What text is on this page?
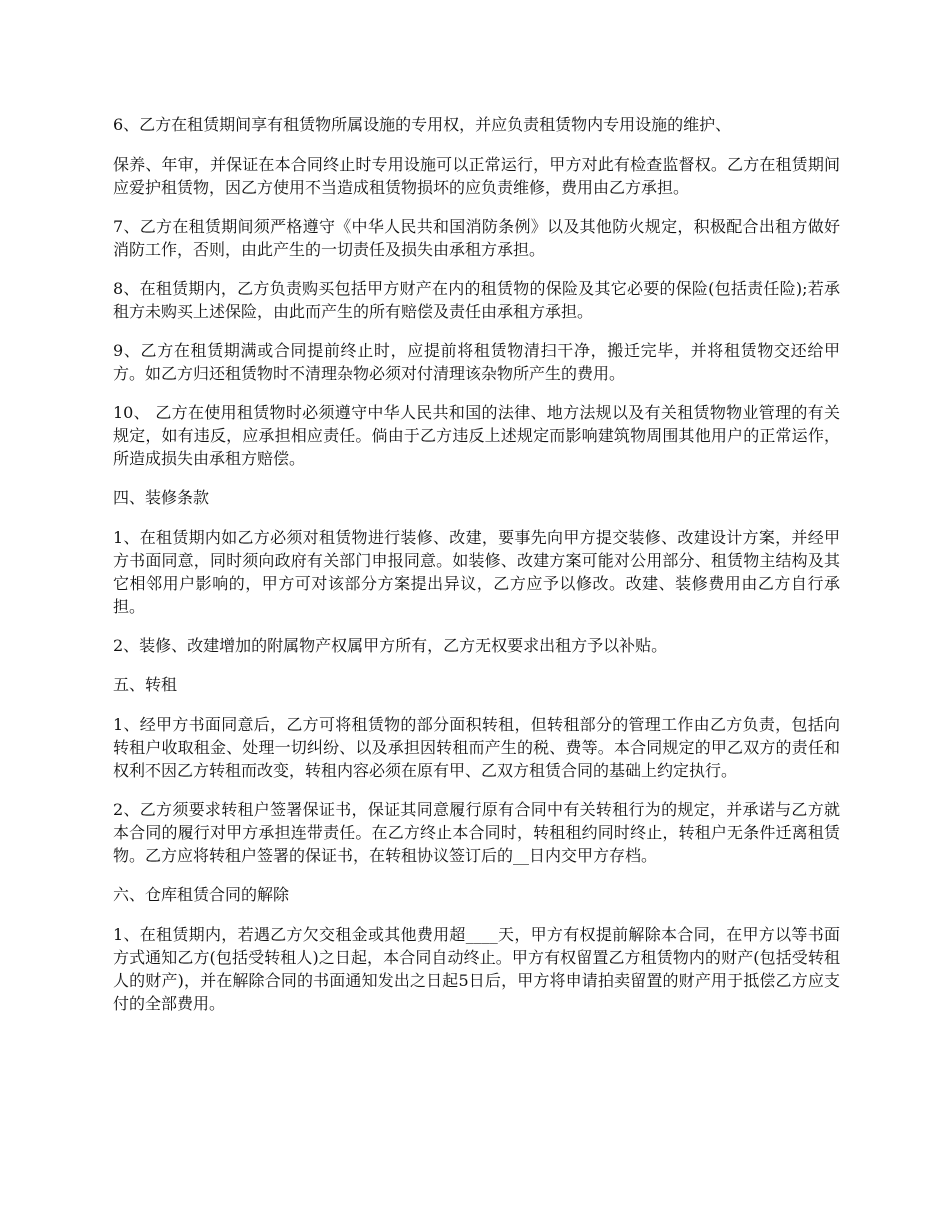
6、乙方在租赁期间享有租赁物所属设施的专用权，并应负责租赁物内专用设施的维护、

保养、年审，并保证在本合同终止时专用设施可以正常运行，甲方对此有检查监督权。乙方在租赁期间应爱护租赁物，因乙方使用不当造成租赁物损坏的应负责维修，费用由乙方承担。

7、乙方在租赁期间须严格遵守《中华人民共和国消防条例》以及其他防火规定，积极配合出租方做好消防工作，否则，由此产生的一切责任及损失由承租方承担。

8、在租赁期内，乙方负责购买包括甲方财产在内的租赁物的保险及其它必要的保险(包括责任险);若承租方未购买上述保险，由此而产生的所有赔偿及责任由承租方承担。

9、乙方在租赁期满或合同提前终止时，应提前将租赁物清扫干净，搬迁完毕，并将租赁物交还给甲方。如乙方归还租赁物时不清理杂物必须对付清理该杂物所产生的费用。

10、 乙方在使用租赁物时必须遵守中华人民共和国的法律、地方法规以及有关租赁物物业管理的有关规定，如有违反，应承担相应责任。倘由于乙方违反上述规定而影响建筑物周围其他用户的正常运作，所造成损失由承租方赔偿。

四、装修条款

1、在租赁期内如乙方必须对租赁物进行装修、改建，要事先向甲方提交装修、改建设计方案，并经甲方书面同意，同时须向政府有关部门申报同意。如装修、改建方案可能对公用部分、租赁物主结构及其它相邻用户影响的，甲方可对该部分方案提出异议，乙方应予以修改。改建、装修费用由乙方自行承担。

2、装修、改建增加的附属物产权属甲方所有，乙方无权要求出租方予以补贴。

五、转租

1、经甲方书面同意后，乙方可将租赁物的部分面积转租，但转租部分的管理工作由乙方负责，包括向转租户收取租金、处理一切纠纷、以及承担因转租而产生的税、费等。本合同规定的甲乙双方的责任和权利不因乙方转租而改变，转租内容必须在原有甲、乙双方租赁合同的基础上约定执行。

2、乙方须要求转租户签署保证书，保证其同意履行原有合同中有关转租行为的规定，并承诺与乙方就本合同的履行对甲方承担连带责任。在乙方终止本合同时，转租租约同时终止，转租户无条件迁离租赁物。乙方应将转租户签署的保证书，在转租协议签订后的__日内交甲方存档。

六、仓库租赁合同的解除

1、在租赁期内，若遇乙方欠交租金或其他费用超____天，甲方有权提前解除本合同，在甲方以等书面方式通知乙方(包括受转租人)之日起，本合同自动终止。甲方有权留置乙方租赁物内的财产(包括受转租人的财产)，并在解除合同的书面通知发出之日起5日后，甲方将申请拍卖留置的财产用于抵偿乙方应支付的全部费用。
